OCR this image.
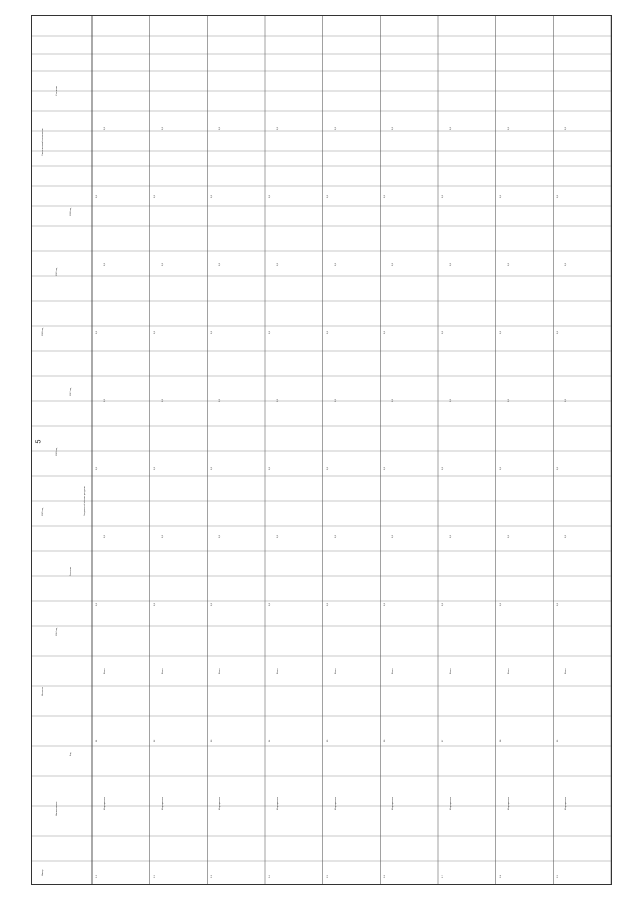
5
Номер
Наименование
Код
Источник
2024 год
Значение
2025 год
2026 год
2027 год
2028 год
2029 год
2030 год
Ответственный исполнитель
Участники
Сведения об объеме ресурсов
1.1
Мероприятие
01
Всего
0,0
0,0
0,0
0,0
0,0
0,0
0,0
0,0
1.2
Мероприятие
02
Всего
0,0
0,0
0,0
0,0
0,0
0,0
0,0
0,0
1.3
Мероприятие
03
Всего
0,0
0,0
0,0
0,0
0,0
0,0
0,0
0,0
1.4
Мероприятие
04
Всего
0,0
0,0
0,0
0,0
0,0
0,0
0,0
0,0
1.5
Мероприятие
05
Всего
0,0
0,0
0,0
0,0
0,0
0,0
0,0
0,0
1.6
Мероприятие
06
Всего
0,0
0,0
0,0
0,0
0,0
0,0
0,0
0,0
1.7
Мероприятие
07
Всего
0,0
0,0
0,0
0,0
0,0
0,0
0,0
0,0
1.8
Мероприятие
08
Всего
0,0
0,0
0,0
0,0
0,0
0,0
0,0
0,0
1.9
Мероприятие
09
Всего
0,0
0,0
0,0
0,0
0,0
0,0
0,0
0,0
